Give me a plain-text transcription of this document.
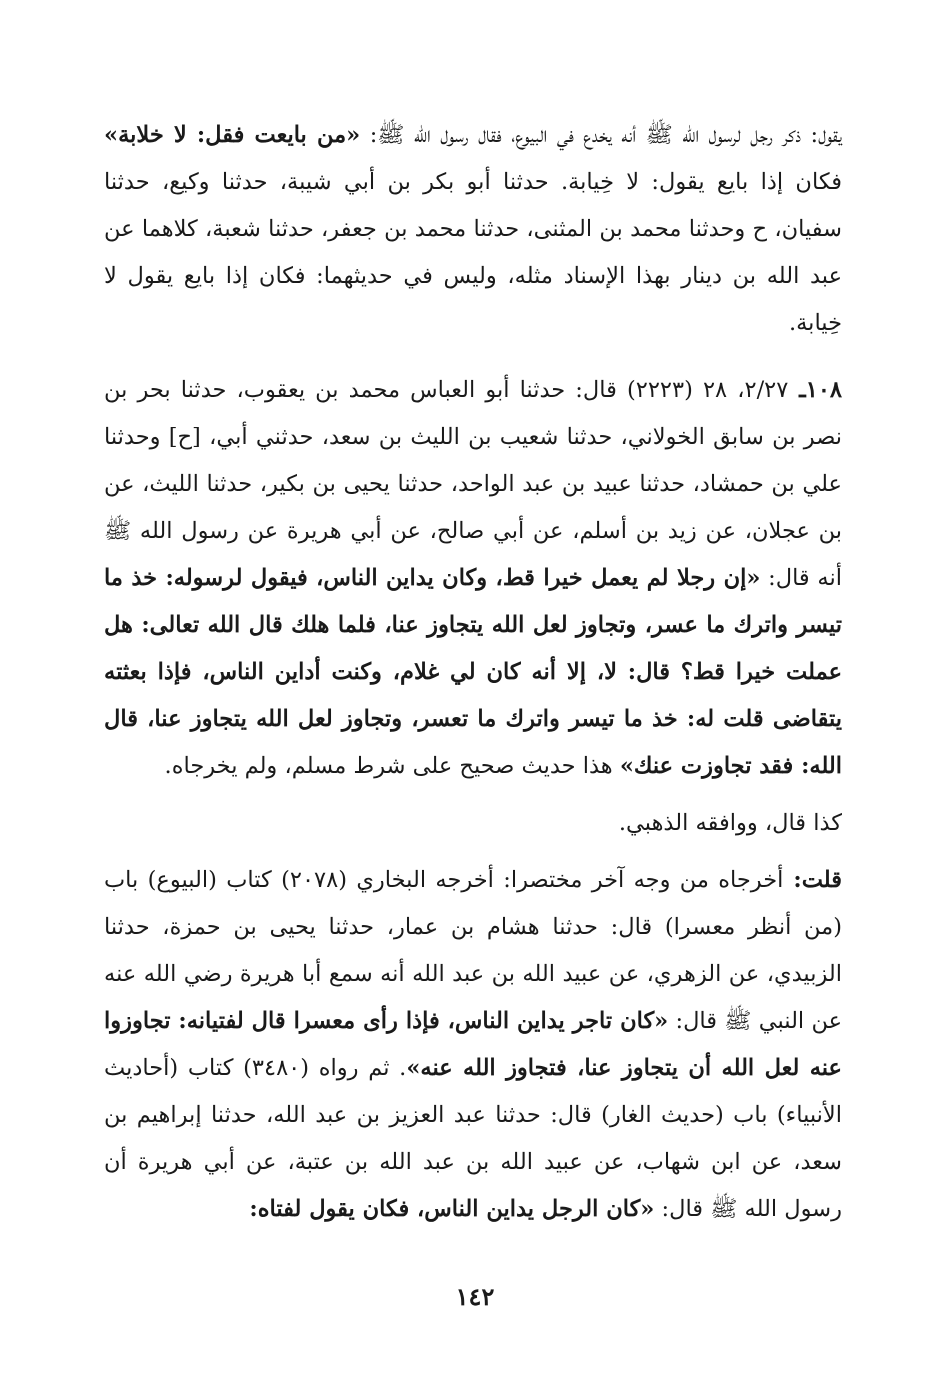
يقول: ذكر رجل لرسول الله ﷺ أنه يخدع في البيوع، فقال رسول الله ﷺ: «من بايعت فقل: لا خلابة» فكان إذا بايع يقول: لا خِيابة. حدثنا أبو بكر بن أبي شيبة، حدثنا وكيع، حدثنا سفيان، ح وحدثنا محمد بن المثنى، حدثنا محمد بن جعفر، حدثنا شعبة، كلاهما عن عبد الله بن دينار بهذا الإسناد مثله، وليس في حديثهما: فكان إذا بايع يقول لا خِيابة.

١٠٨ـ ٢/٢٧، ٢٨ (٢٢٢٣) قال: حدثنا أبو العباس محمد بن يعقوب، حدثنا بحر بن نصر بن سابق الخولاني، حدثنا شعيب بن الليث بن سعد، حدثني أبي، [ح] وحدثنا علي بن حمشاد، حدثنا عبيد بن عبد الواحد، حدثنا يحيى بن بكير، حدثنا الليث، عن بن عجلان، عن زيد بن أسلم، عن أبي صالح، عن أبي هريرة عن رسول الله ﷺ أنه قال: «إن رجلا لم يعمل خيرا قط، وكان يداين الناس، فيقول لرسوله: خذ ما تيسر واترك ما عسر، وتجاوز لعل الله يتجاوز عنا، فلما هلك قال الله تعالى: هل عملت خيرا قط؟ قال: لا، إلا أنه كان لي غلام، وكنت أداين الناس، فإذا بعثته يتقاضى قلت له: خذ ما تيسر واترك ما تعسر، وتجاوز لعل الله يتجاوز عنا، قال الله: فقد تجاوزت عنك» هذا حديث صحيح على شرط مسلم، ولم يخرجاه.

كذا قال، ووافقه الذهبي.

قلت: أخرجاه من وجه آخر مختصرا: أخرجه البخاري (٢٠٧٨) كتاب (البيوع) باب (من أنظر معسرا) قال: حدثنا هشام بن عمار، حدثنا يحيى بن حمزة، حدثنا الزبيدي، عن الزهري، عن عبيد الله بن عبد الله أنه سمع أبا هريرة رضي الله عنه عن النبي ﷺ قال: «كان تاجر يداين الناس، فإذا رأى معسرا قال لفتيانه: تجاوزوا عنه لعل الله أن يتجاوز عنا، فتجاوز الله عنه». ثم رواه (٣٤٨٠) كتاب (أحاديث الأنبياء) باب (حديث الغار) قال: حدثنا عبد العزيز بن عبد الله، حدثنا إبراهيم بن سعد، عن ابن شهاب، عن عبيد الله بن عبد الله بن عتبة، عن أبي هريرة أن رسول الله ﷺ قال: «كان الرجل يداين الناس، فكان يقول لفتاه:

١٤٢
